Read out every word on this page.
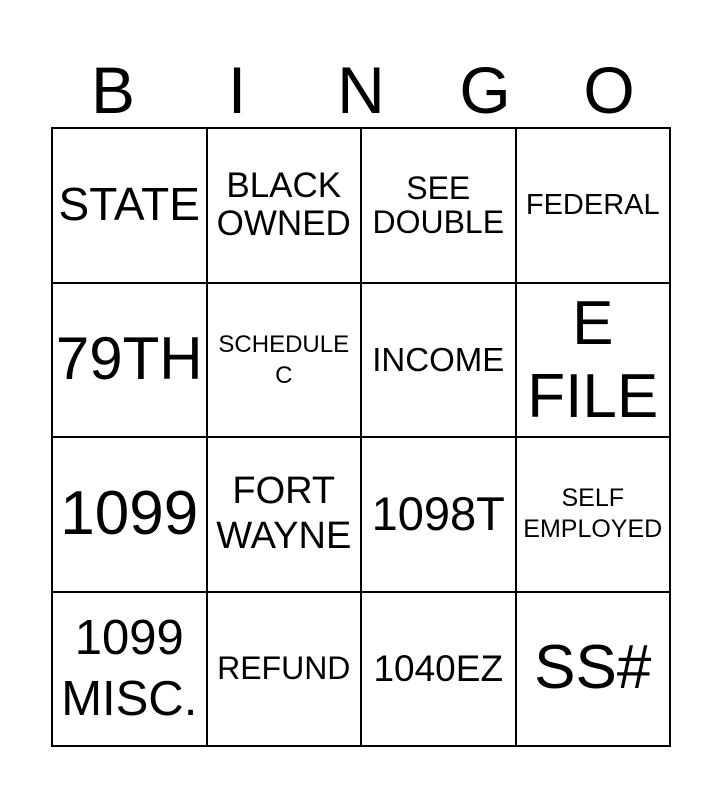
B	I	N	G	O
STATE BLACK
OWNED
SEE
DOUBLE FEDERAL
79TH SCHEDULE
C	INCOME
E
FILE
1099 FORT
WAYNE 1098T	SELF
EMPLOYED
1099
MISC.
REFUND 1040EZ SS#
